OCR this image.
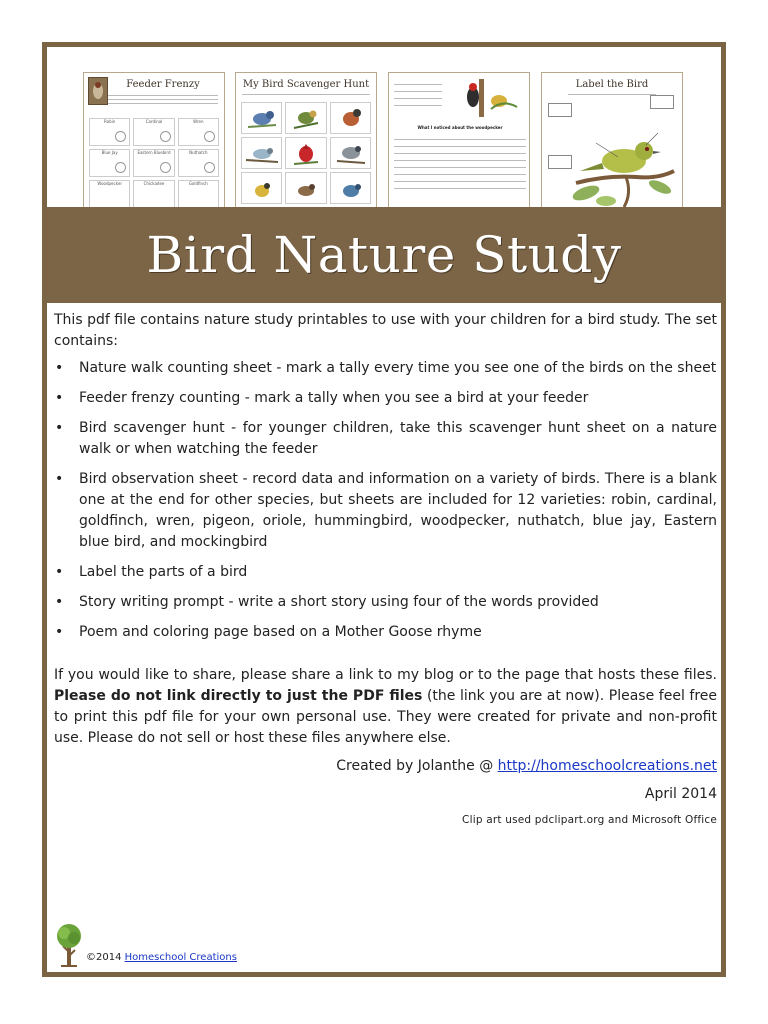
Feeder Frenzy
Robin	Cardinal	Wren
Blue Jay	Eastern Bluebird	Nuthatch
Woodpecker	Chickadee	Goldfinch
My Bird Scavenger Hunt
What I noticed about the woodpecker
Label the Bird
Bird Nature Study

This pdf file contains nature study printables to use with your children for a bird study. The set contains:

• Nature walk counting sheet - mark a tally every time you see one of the birds on the sheet
• Feeder frenzy counting - mark a tally when you see a bird at your feeder
• Bird scavenger hunt - for younger children, take this scavenger hunt sheet on a nature walk or when watching the feeder
• Bird observation sheet - record data and information on a variety of birds. There is a blank one at the end for other species, but sheets are included for 12 varieties: robin, cardinal, goldfinch, wren, pigeon, oriole, hummingbird, woodpecker, nuthatch, blue jay, Eastern blue bird, and mockingbird
• Label the parts of a bird
• Story writing prompt - write a short story using four of the words provided
• Poem and coloring page based on a Mother Goose rhyme

If you would like to share, please share a link to my blog or to the page that hosts these files. Please do not link directly to just the PDF files (the link you are at now). Please feel free to print this pdf file for your own personal use. They were created for private and non-profit use. Please do not sell or host these files anywhere else.

Created by Jolanthe @ http://homeschoolcreations.net

April 2014

Clip art used pdclipart.org and Microsoft Office

©2014 Homeschool Creations
